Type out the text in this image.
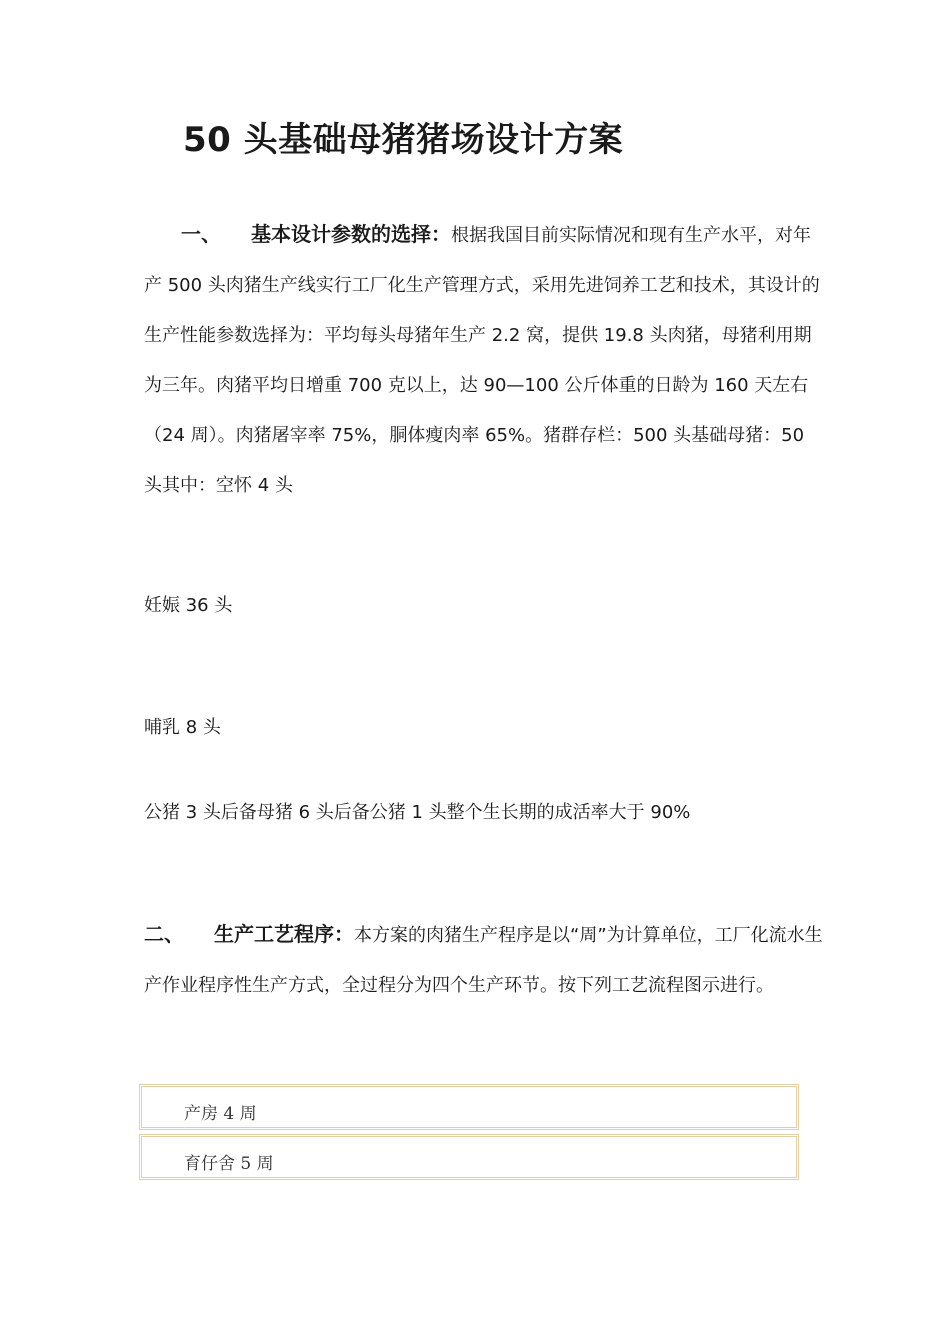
50 头基础母猪猪场设计方案
一、 基本设计参数的选择：根据我国目前实际情况和现有生产水平，对年产 500 头肉猪生产线实行工厂化生产管理方式，采用先进饲养工艺和技术，其设计的生产性能参数选择为：平均每头母猪年生产 2.2 窝，提供 19.8 头肉猪，母猪利用期为三年。肉猪平均日增重 700 克以上，达 90—100 公斤体重的日龄为 160 天左右（24 周）。肉猪屠宰率 75%，胴体瘦肉率 65%。猪群存栏：500 头基础母猪：50 头其中：空怀 4 头
妊娠 36 头
哺乳 8 头
公猪 3 头后备母猪 6 头后备公猪 1 头整个生长期的成活率大于 90%
二、 生产工艺程序：本方案的肉猪生产程序是以“周”为计算单位，工厂化流水生产作业程序性生产方式，全过程分为四个生产环节。按下列工艺流程图示进行。
产房 4 周
育仔舍 5 周
